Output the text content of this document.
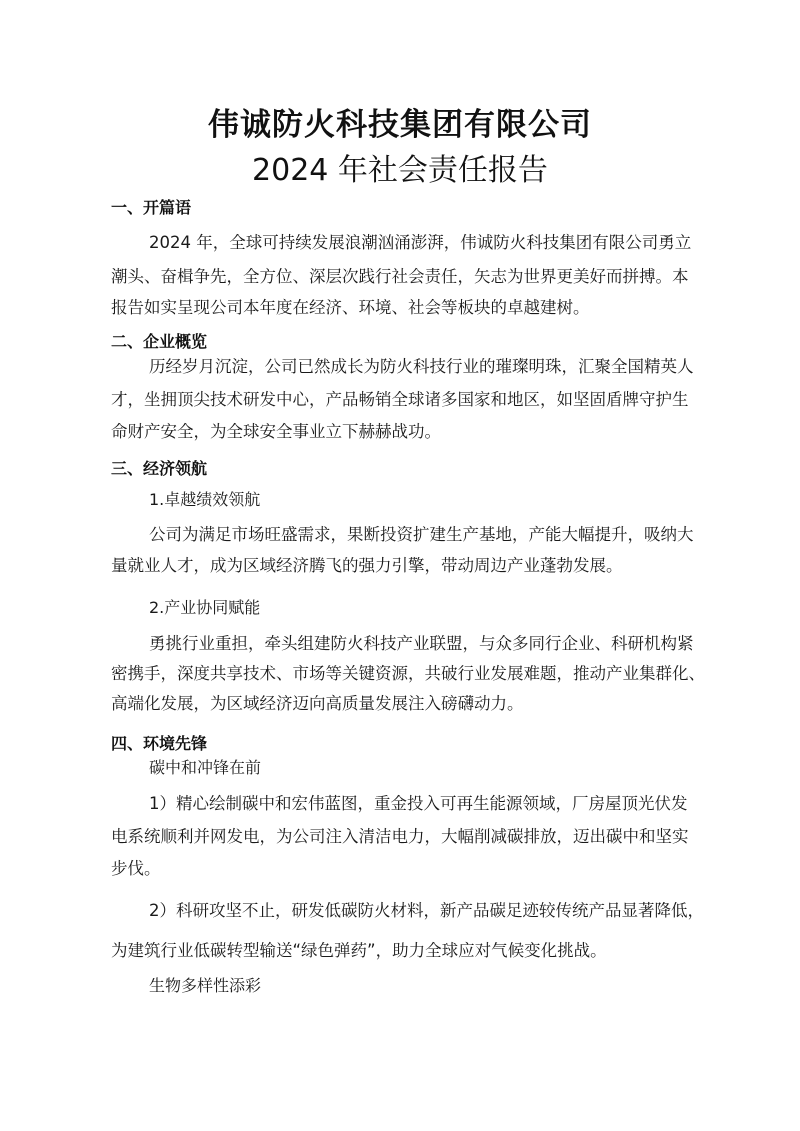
伟诚防火科技集团有限公司
2024 年社会责任报告
一、开篇语
2024 年，全球可持续发展浪潮汹涌澎湃，伟诚防火科技集团有限公司勇立
潮头、奋楫争先，全方位、深层次践行社会责任，矢志为世界更美好而拼搏。本
报告如实呈现公司本年度在经济、环境、社会等板块的卓越建树。
二、企业概览
历经岁月沉淀，公司已然成长为防火科技行业的璀璨明珠，汇聚全国精英人
才，坐拥顶尖技术研发中心，产品畅销全球诸多国家和地区，如坚固盾牌守护生
命财产安全，为全球安全事业立下赫赫战功。
三、经济领航
1.卓越绩效领航
公司为满足市场旺盛需求，果断投资扩建生产基地，产能大幅提升，吸纳大
量就业人才，成为区域经济腾飞的强力引擎，带动周边产业蓬勃发展。
2.产业协同赋能
勇挑行业重担，牵头组建防火科技产业联盟，与众多同行企业、科研机构紧
密携手，深度共享技术、市场等关键资源，共破行业发展难题，推动产业集群化、
高端化发展，为区域经济迈向高质量发展注入磅礴动力。
四、环境先锋
碳中和冲锋在前
1）精心绘制碳中和宏伟蓝图，重金投入可再生能源领域，厂房屋顶光伏发
电系统顺利并网发电，为公司注入清洁电力，大幅削减碳排放，迈出碳中和坚实
步伐。
2）科研攻坚不止，研发低碳防火材料，新产品碳足迹较传统产品显著降低，
为建筑行业低碳转型输送“绿色弹药”，助力全球应对气候变化挑战。
生物多样性添彩
